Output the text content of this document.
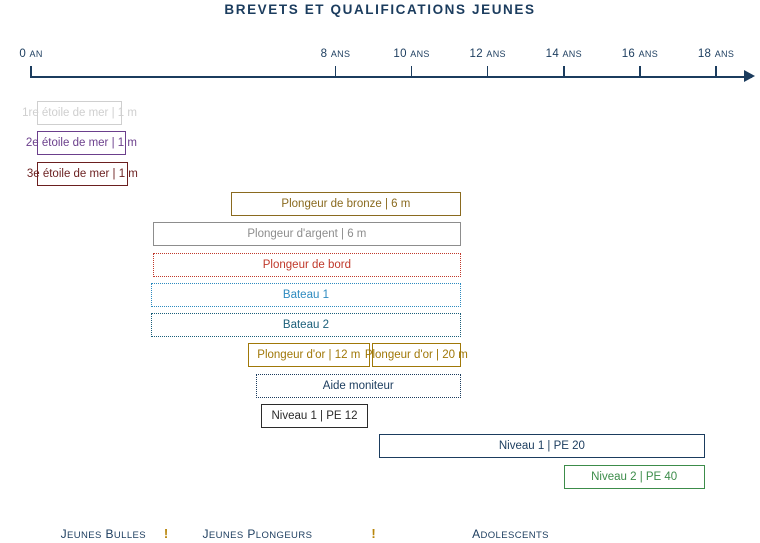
BREVETS ET QUALIFICATIONS JEUNES
0 AN	8 ANS	10 ANS	12 ANS	14 ANS	16 ANS	18 ANS
1re étoile de mer | 1 m
2e étoile de mer | 1 m
3e étoile de mer | 1 m
Plongeur de bronze | 6 m
Plongeur d'argent | 6 m
Plongeur de bord
Bateau 1
Bateau 2
Plongeur d'or | 12 m Plongeur d'or | 20 m
Aide moniteur
Niveau 1 | PE 12
Niveau 1 | PE 20
Niveau 2 | PE 40
JEUNES BULLES	JEUNES PLONGEURS	ADOLESCENTS
!	!
